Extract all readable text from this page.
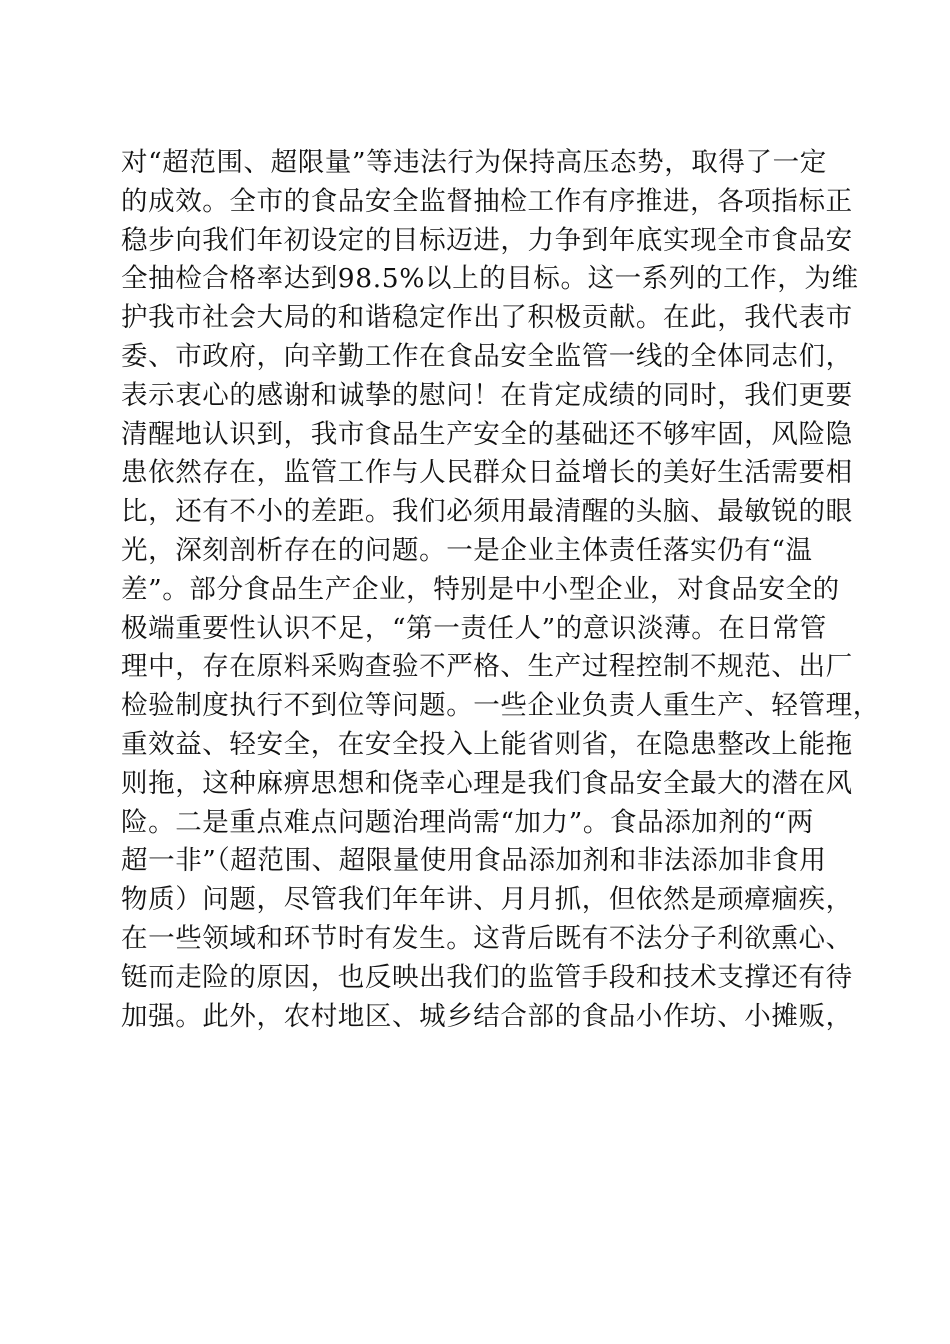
对“超范围、超限量”等违法行为保持高压态势，取得了一定
的成效。全市的食品安全监督抽检工作有序推进，各项指标正
稳步向我们年初设定的目标迈进，力争到年底实现全市食品安
全抽检合格率达到98.5%以上的目标。这一系列的工作，为维
护我市社会大局的和谐稳定作出了积极贡献。在此，我代表市
委、市政府，向辛勤工作在食品安全监管一线的全体同志们，
表示衷心的感谢和诚挚的慰问！在肯定成绩的同时，我们更要
清醒地认识到，我市食品生产安全的基础还不够牢固，风险隐
患依然存在，监管工作与人民群众日益增长的美好生活需要相
比，还有不小的差距。我们必须用最清醒的头脑、最敏锐的眼
光，深刻剖析存在的问题。一是企业主体责任落实仍有“温
差”。部分食品生产企业，特别是中小型企业，对食品安全的
极端重要性认识不足，“第一责任人”的意识淡薄。在日常管
理中，存在原料采购查验不严格、生产过程控制不规范、出厂
检验制度执行不到位等问题。一些企业负责人重生产、轻管理，
重效益、轻安全，在安全投入上能省则省，在隐患整改上能拖
则拖，这种麻痹思想和侥幸心理是我们食品安全最大的潜在风
险。二是重点难点问题治理尚需“加力”。食品添加剂的“两
超一非”（超范围、超限量使用食品添加剂和非法添加非食用
物质）问题，尽管我们年年讲、月月抓，但依然是顽瘴痼疾，
在一些领域和环节时有发生。这背后既有不法分子利欲熏心、
铤而走险的原因，也反映出我们的监管手段和技术支撑还有待
加强。此外，农村地区、城乡结合部的食品小作坊、小摊贩，
